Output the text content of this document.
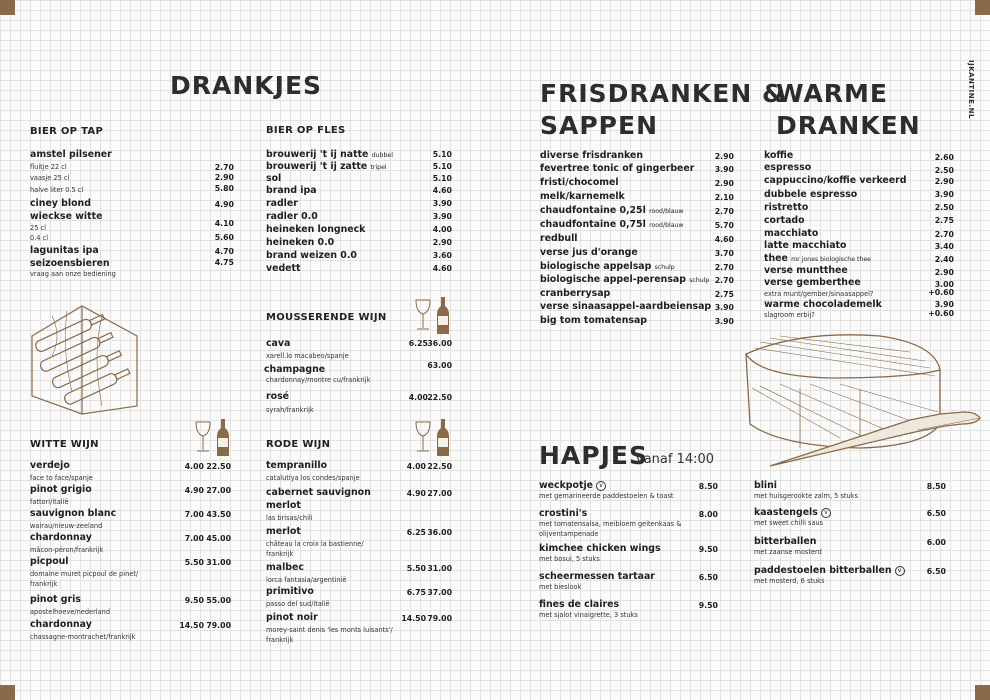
IJKANTINE.NL
DRANKJES	FRISDRANKEN &
SAPPEN
WARME
DRANKEN
HAPJES
vanaf 14:00
BIER OP TAP
amstel pilsener
fluitje 22 cl	2.70
vaasje 25 cl	2.90
halve liter 0.5 cl	5.80
ciney blond	4.90
wieckse witte
25 cl	4.10
0.4 cl	5.60
lagunitas ipa	4.70
seizoensbieren	4.75
vraag aan onze bediening
BIER OP FLES
brouwerij 't ij natte dubbel	5.10
brouwerij 't ij zatte tripel	5.10
sol	5.10
brand ipa	4.60
radler	3.90
radler 0.0	3.90
heineken longneck	4.00
heineken 0.0	2.90
brand weizen 0.0	3.60
vedett	4.60
MOUSSERENDE WIJN
cava	6.25 36.00
xarell.lo macabeo/spanje
champagne	63.00
chardonnay/montre cu/frankrijk
rosé	4.00 22.50
syrah/frankrijk
WITTE WIJN
verdejo
face to face/spanje
4.00 22.50
pinot grigio
fattori/italië
4.90 27.00
sauvignon blanc
wairau/nieuw-zeeland
7.00 43.50
chardonnay
mâcon-péron/frankrijk
7.00 45.00
picpoul
domaine muret picpoul de pinet/
frankrijk
5.50 31.00
pinot gris
apostelhoeve/nederland
9.50 55.00
chardonnay
chassagne-montrachet/frankrijk
14.50 79.00
RODE WIJN
tempranillo
catalutiya los condes/spanje
4.00 22.50
cabernet sauvignon	4.90 27.00
merlot
las brisas/chili
merlot
château la croix la bastienne/
frankrijk
6.25 36.00
malbec
lorca fantasia/argentinië
5.50 31.00
primitivo
passo del sud/italië
6.75 37.00
pinot noir
morey-saint denis 'les monts luisants'/
frankrijk
14.50 79.00
diverse frisdranken	2.90
fevertree tonic of gingerbeer	3.90
fristi/chocomel	2.90
melk/karnemelk	2.10
chaudfontaine 0,25l rood/blauw	2.70
chaudfontaine 0,75l rood/blauw	5.70
redbull	4.60
verse jus d'orange	3.70
biologische appelsap schulp	2.70
biologische appel-perensap schulp 2.70
cranberrysap	2.75
verse sinaasappel-aardbeiensap 3.90
big tom tomatensap	3.90
koffie	2.60
espresso	2.50
cappuccino/koffie verkeerd	2.90
dubbele espresso	3.90
ristretto	2.50
cortado	2.75
macchiato	2.70
latte macchiato	3.40
thee mr jones biologische thee	2.40
verse muntthee	2.90
verse gemberthee	3.00
extra munt/gember/sinaasappel?	+0.60
warme chocolademelk	3.90
slagroom erbij?	+0.60
weckpotje v
met gemarineerde paddestoelen & toast
8.50
crostini's
met tomatensalsa, meibloem geitenkaas &
olijventampenade
8.00
kimchee chicken wings
met bosui, 5 stuks
9.50
scheermessen tartaar
met bieslook
6.50
fines de claires
met sjalot vinaigrette, 3 stuks
9.50
blini
met huisgerookte zalm, 5 stuks
8.50
kaastengels v
met sweet chilli saus
6.50
bitterballen
met zaanse mosterd
6.00
paddestoelen bitterballen v
met mosterd, 6 stuks
6.50
